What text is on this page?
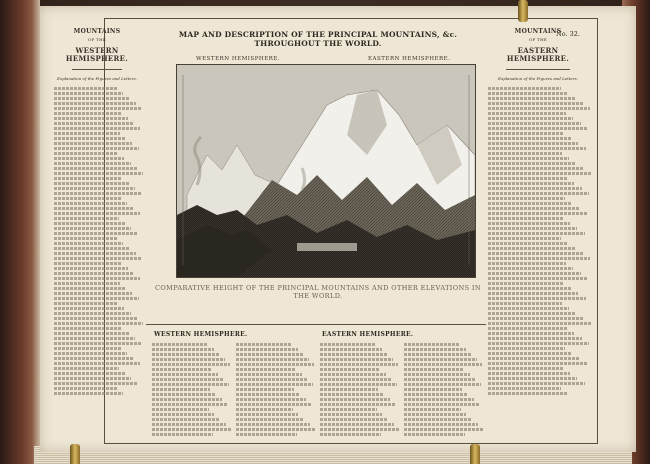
MAP AND DESCRIPTION OF THE PRINCIPAL MOUNTAINS, &c. THROUGHOUT THE WORLD.
No. 32.
MOUNTAINS
OF THE
WESTERN HEMISPHERE.
Explanation of the Figures and Letters.
MOUNTAINS
OF THE
EASTERN HEMISPHERE.
Explanation of the Figures and Letters.
WESTERN HEMISPHERE.	EASTERN HEMISPHERE.
COMPARATIVE HEIGHT OF THE PRINCIPAL MOUNTAINS AND OTHER ELEVATIONS IN THE WORLD.
WESTERN HEMISPHERE.	EASTERN HEMISPHERE.
